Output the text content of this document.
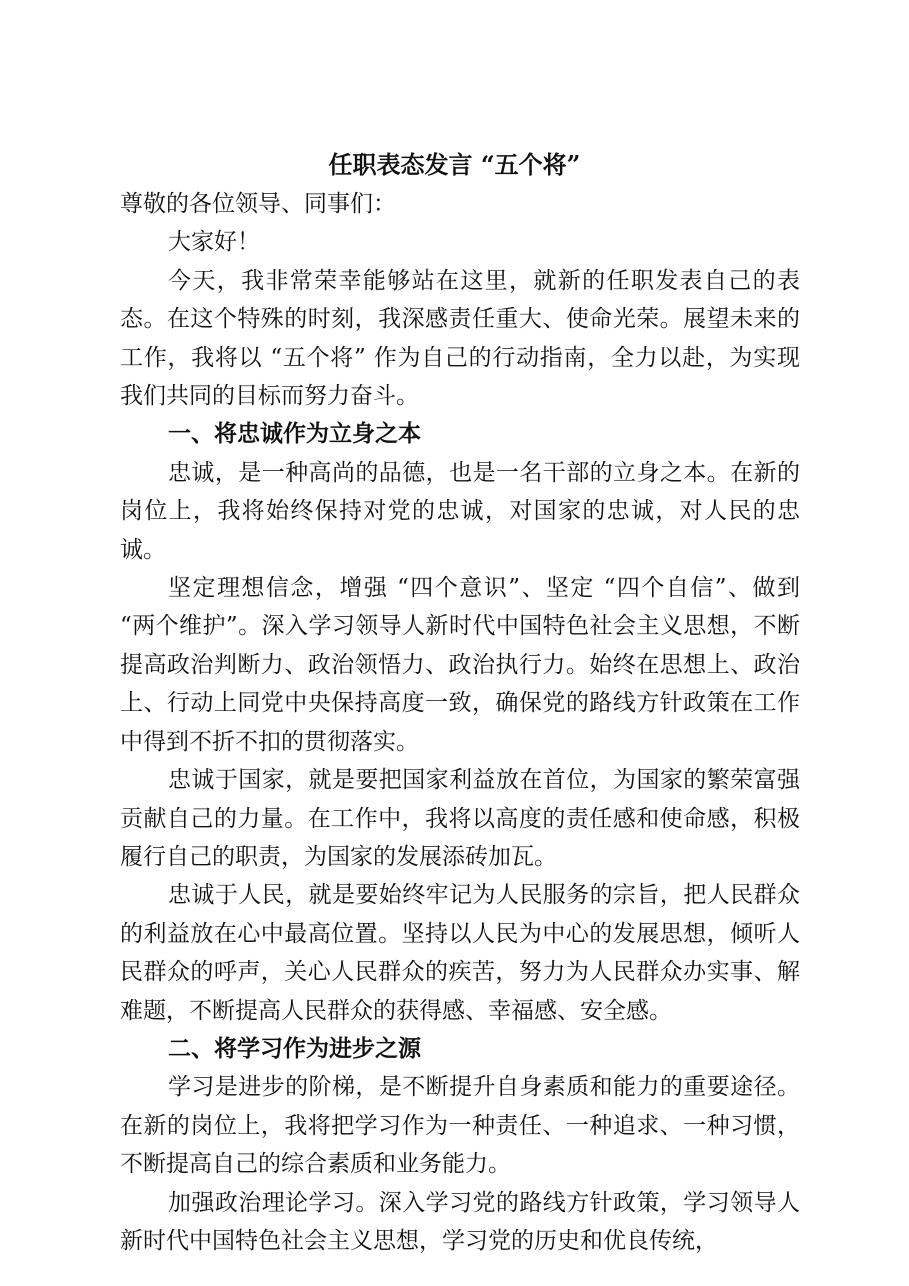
任职表态发言 “五个将”

尊敬的各位领导、同事们：

大家好！

今天，我非常荣幸能够站在这里，就新的任职发表自己的表态。在这个特殊的时刻，我深感责任重大、使命光荣。展望未来的工作，我将以 “五个将” 作为自己的行动指南，全力以赴，为实现我们共同的目标而努力奋斗。

一、将忠诚作为立身之本

忠诚，是一种高尚的品德，也是一名干部的立身之本。在新的岗位上，我将始终保持对党的忠诚，对国家的忠诚，对人民的忠诚。

坚定理想信念，增强 “四个意识”、坚定 “四个自信”、做到 “两个维护”。深入学习领导人新时代中国特色社会主义思想，不断提高政治判断力、政治领悟力、政治执行力。始终在思想上、政治上、行动上同党中央保持高度一致，确保党的路线方针政策在工作中得到不折不扣的贯彻落实。

忠诚于国家，就是要把国家利益放在首位，为国家的繁荣富强贡献自己的力量。在工作中，我将以高度的责任感和使命感，积极履行自己的职责，为国家的发展添砖加瓦。

忠诚于人民，就是要始终牢记为人民服务的宗旨，把人民群众的利益放在心中最高位置。坚持以人民为中心的发展思想，倾听人民群众的呼声，关心人民群众的疾苦，努力为人民群众办实事、解难题，不断提高人民群众的获得感、幸福感、安全感。

二、将学习作为进步之源

学习是进步的阶梯，是不断提升自身素质和能力的重要途径。在新的岗位上，我将把学习作为一种责任、一种追求、一种习惯，不断提高自己的综合素质和业务能力。

加强政治理论学习。深入学习党的路线方针政策，学习领导人新时代中国特色社会主义思想，学习党的历史和优良传统，
